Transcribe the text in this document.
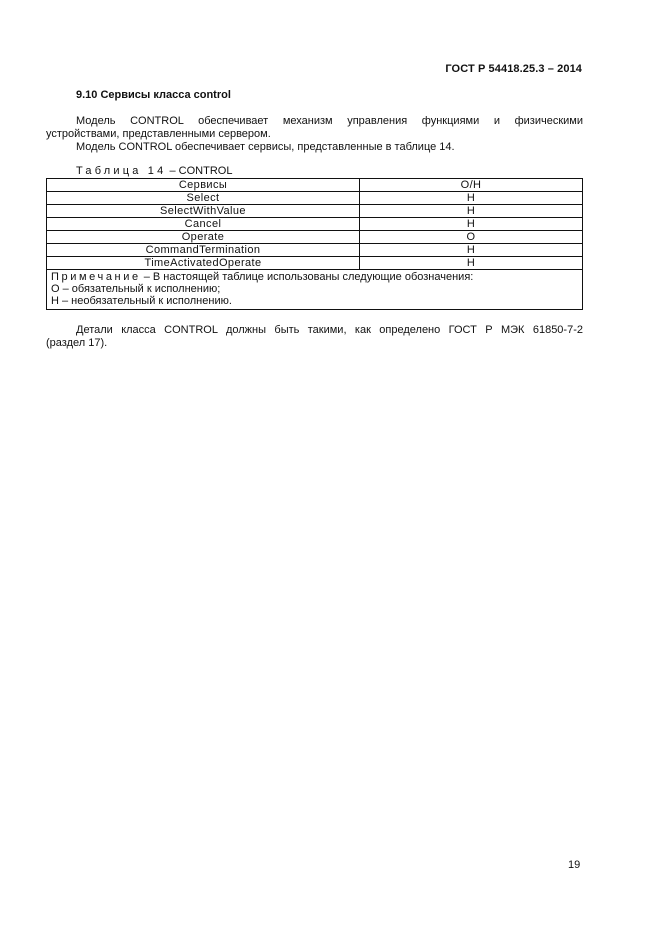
ГОСТ Р 54418.25.3 – 2014
9.10 Сервисы класса control

Модель CONTROL обеспечивает механизм управления функциями и физическими

устройствами, представленными сервером.

Модель CONTROL обеспечивает сервисы, представленные в таблице 14.

Таблица 14 – CONTROL
Сервисы	О/Н
Select	Н
SelectWithValue	Н
Cancel	Н
Operate	О
CommandTermination	Н
TimeActivatedOperate	Н

Примечание – В настоящей таблице использованы следующие обозначения:
О – обязательный к исполнению;
Н – необязательный к исполнению.	

Детали класса CONTROL должны быть такими, как определено ГОСТ Р МЭК 61850-7-2

(раздел 17).

19
